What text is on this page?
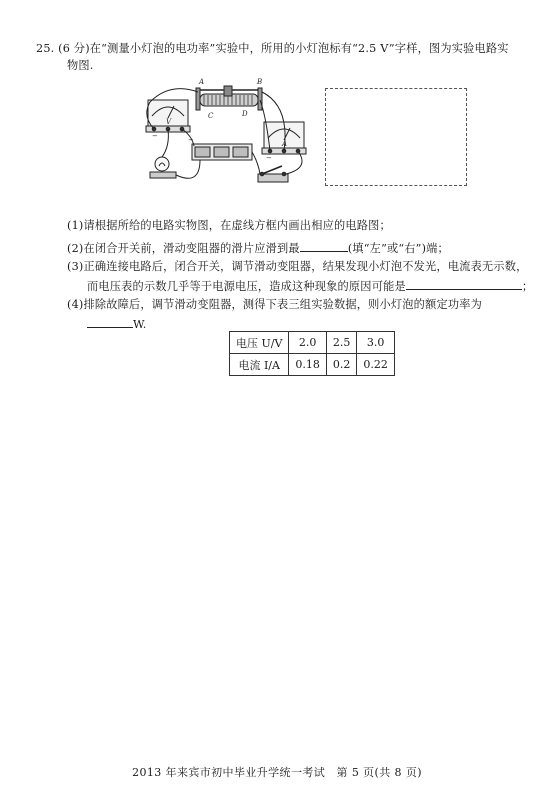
25. (6 分)在“测量小灯泡的电功率”实验中，所用的小灯泡标有“2.5 V”字样，图为实验电路实
物图.
A	B
C	D
V
A
−
−
−
(1)请根据所给的电路实物图，在虚线方框内画出相应的电路图；
(2)在闭合开关前，滑动变阻器的滑片应滑到最	(填“左”或“右”)端；
(3)正确连接电路后，闭合开关，调节滑动变阻器，结果发现小灯泡不发光，电流表无示数，
而电压表的示数几乎等于电源电压，造成这种现象的原因可能是	；
(4)排除故障后，调节滑动变阻器，测得下表三组实验数据，则小灯泡的额定功率为
W.
电压 U/V	2.0	2.5	3.0
电流 I/A	0.18	0.2	0.22
2013 年来宾市初中毕业升学统一考试　第 5 页(共 8 页)
